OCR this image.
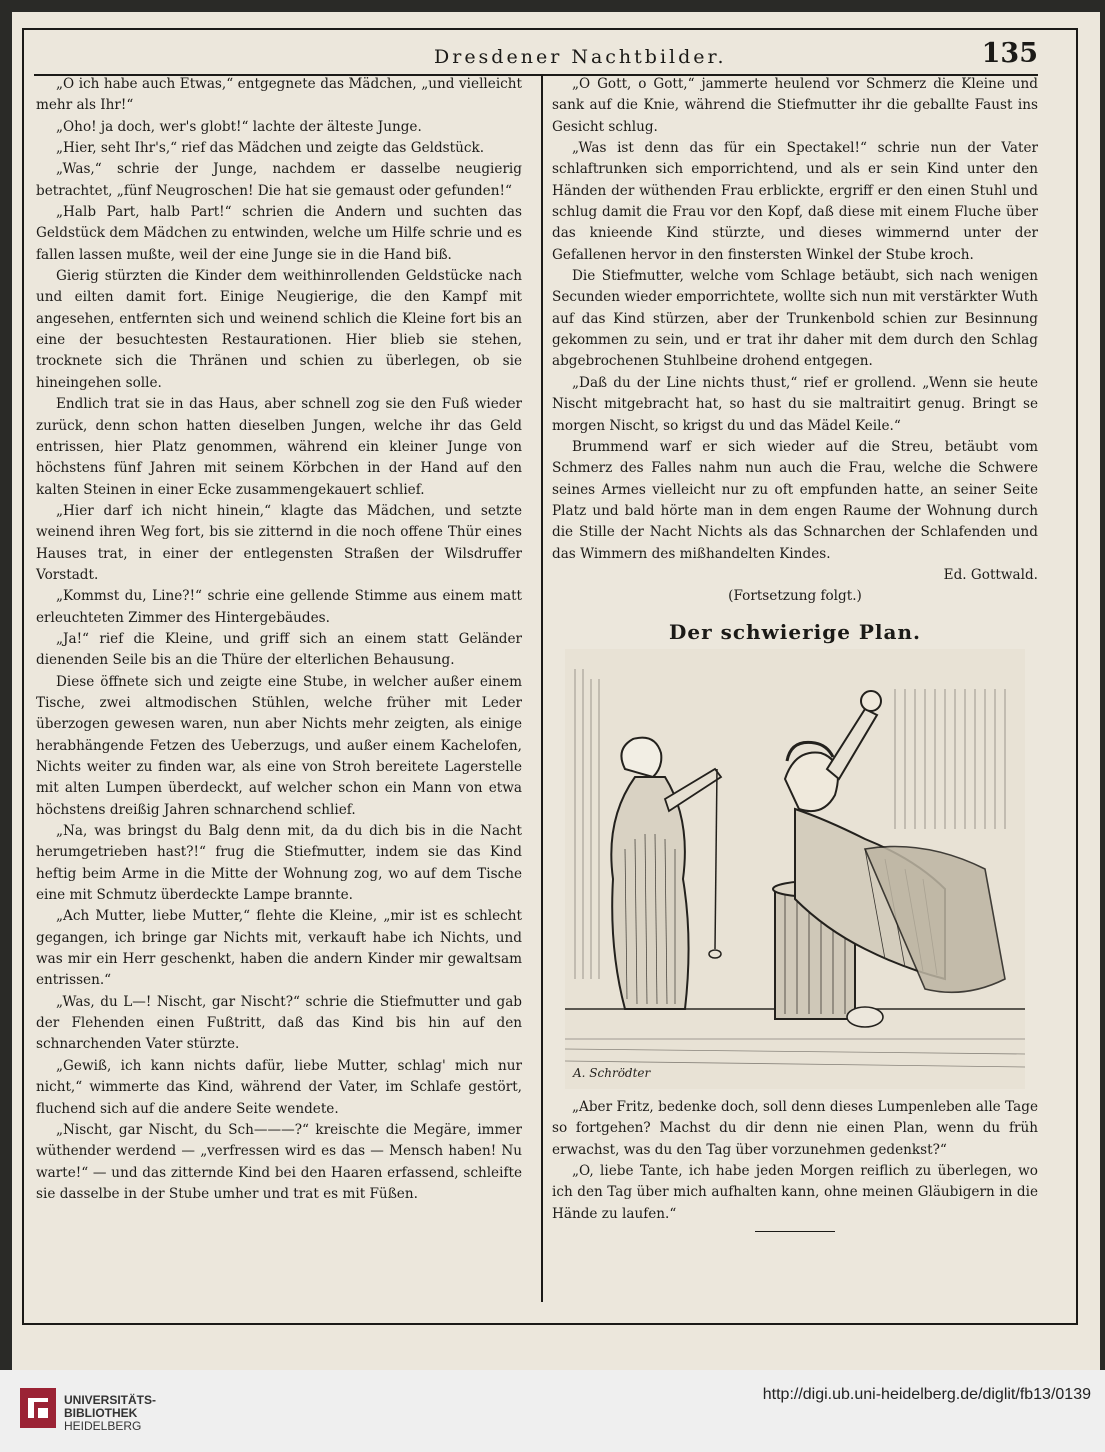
Dresdener Nachtbilder.	135

„O ich habe auch Etwas,“ entgegnete das Mädchen, „und vielleicht mehr als Ihr!“

„Oho! ja doch, wer's globt!“ lachte der älteste Junge.

„Hier, seht Ihr's,“ rief das Mädchen und zeigte das Geldstück.

„Was,“ schrie der Junge, nachdem er dasselbe neugierig betrachtet, „fünf Neugroschen! Die hat sie gemaust oder gefunden!“

„Halb Part, halb Part!“ schrien die Andern und suchten das Geldstück dem Mädchen zu entwinden, welche um Hilfe schrie und es fallen lassen mußte, weil der eine Junge sie in die Hand biß.

Gierig stürzten die Kinder dem weithinrollenden Geldstücke nach und eilten damit fort. Einige Neugierige, die den Kampf mit angesehen, entfernten sich und weinend schlich die Kleine fort bis an eine der besuchtesten Restaurationen. Hier blieb sie stehen, trocknete sich die Thränen und schien zu überlegen, ob sie hineingehen solle.

Endlich trat sie in das Haus, aber schnell zog sie den Fuß wieder zurück, denn schon hatten dieselben Jungen, welche ihr das Geld entrissen, hier Platz genommen, während ein kleiner Junge von höchstens fünf Jahren mit seinem Körbchen in der Hand auf den kalten Steinen in einer Ecke zusammengekauert schlief.

„Hier darf ich nicht hinein,“ klagte das Mädchen, und setzte weinend ihren Weg fort, bis sie zitternd in die noch offene Thür eines Hauses trat, in einer der entlegensten Straßen der Wilsdruffer Vorstadt.

„Kommst du, Line?!“ schrie eine gellende Stimme aus einem matt erleuchteten Zimmer des Hintergebäudes.

„Ja!“ rief die Kleine, und griff sich an einem statt Geländer dienenden Seile bis an die Thüre der elterlichen Behausung.

Diese öffnete sich und zeigte eine Stube, in welcher außer einem Tische, zwei altmodischen Stühlen, welche früher mit Leder überzogen gewesen waren, nun aber Nichts mehr zeigten, als einige herabhängende Fetzen des Ueberzugs, und außer einem Kachelofen, Nichts weiter zu finden war, als eine von Stroh bereitete Lagerstelle mit alten Lumpen überdeckt, auf welcher schon ein Mann von etwa höchstens dreißig Jahren schnarchend schlief.

„Na, was bringst du Balg denn mit, da du dich bis in die Nacht herumgetrieben hast?!“ frug die Stiefmutter, indem sie das Kind heftig beim Arme in die Mitte der Wohnung zog, wo auf dem Tische eine mit Schmutz überdeckte Lampe brannte.

„Ach Mutter, liebe Mutter,“ flehte die Kleine, „mir ist es schlecht gegangen, ich bringe gar Nichts mit, verkauft habe ich Nichts, und was mir ein Herr geschenkt, haben die andern Kinder mir gewaltsam entrissen.“

„Was, du L—! Nischt, gar Nischt?“ schrie die Stiefmutter und gab der Flehenden einen Fußtritt, daß das Kind bis hin auf den schnarchenden Vater stürzte.

„Gewiß, ich kann nichts dafür, liebe Mutter, schlag' mich nur nicht,“ wimmerte das Kind, während der Vater, im Schlafe gestört, fluchend sich auf die andere Seite wendete.

„Nischt, gar Nischt, du Sch———?“ kreischte die Megäre, immer wüthender werdend — „verfressen wird es das — Mensch haben! Nu warte!“ — und das zitternde Kind bei den Haaren erfassend, schleifte sie dasselbe in der Stube umher und trat es mit Füßen.

„O Gott, o Gott,“ jammerte heulend vor Schmerz die Kleine und sank auf die Knie, während die Stiefmutter ihr die geballte Faust ins Gesicht schlug.

„Was ist denn das für ein Spectakel!“ schrie nun der Vater schlaftrunken sich emporrichtend, und als er sein Kind unter den Händen der wüthenden Frau erblickte, ergriff er den einen Stuhl und schlug damit die Frau vor den Kopf, daß diese mit einem Fluche über das knieende Kind stürzte, und dieses wimmernd unter der Gefallenen hervor in den finstersten Winkel der Stube kroch.

Die Stiefmutter, welche vom Schlage betäubt, sich nach wenigen Secunden wieder emporrichtete, wollte sich nun mit verstärkter Wuth auf das Kind stürzen, aber der Trunkenbold schien zur Besinnung gekommen zu sein, und er trat ihr daher mit dem durch den Schlag abgebrochenen Stuhlbeine drohend entgegen.

„Daß du der Line nichts thust,“ rief er grollend. „Wenn sie heute Nischt mitgebracht hat, so hast du sie maltraitirt genug. Bringt se morgen Nischt, so krigst du und das Mädel Keile.“

Brummend warf er sich wieder auf die Streu, betäubt vom Schmerz des Falles nahm nun auch die Frau, welche die Schwere seines Armes vielleicht nur zu oft empfunden hatte, an seiner Seite Platz und bald hörte man in dem engen Raume der Wohnung durch die Stille der Nacht Nichts als das Schnarchen der Schlafenden und das Wimmern des mißhandelten Kindes.

Ed. Gottwald.

(Fortsetzung folgt.)

Der schwierige Plan.
A. Schrödter

„Aber Fritz, bedenke doch, soll denn dieses Lumpenleben alle Tage so fortgehen? Machst du dir denn nie einen Plan, wenn du früh erwachst, was du den Tag über vorzunehmen gedenkst?“

„O, liebe Tante, ich habe jeden Morgen reiflich zu überlegen, wo ich den Tag über mich aufhalten kann, ohne meinen Gläubigern in die Hände zu laufen.“

UNIVERSITÄTS-
BIBLIOTHEK
HEIDELBERG
http://digi.ub.uni-heidelberg.de/diglit/fb13/0139
